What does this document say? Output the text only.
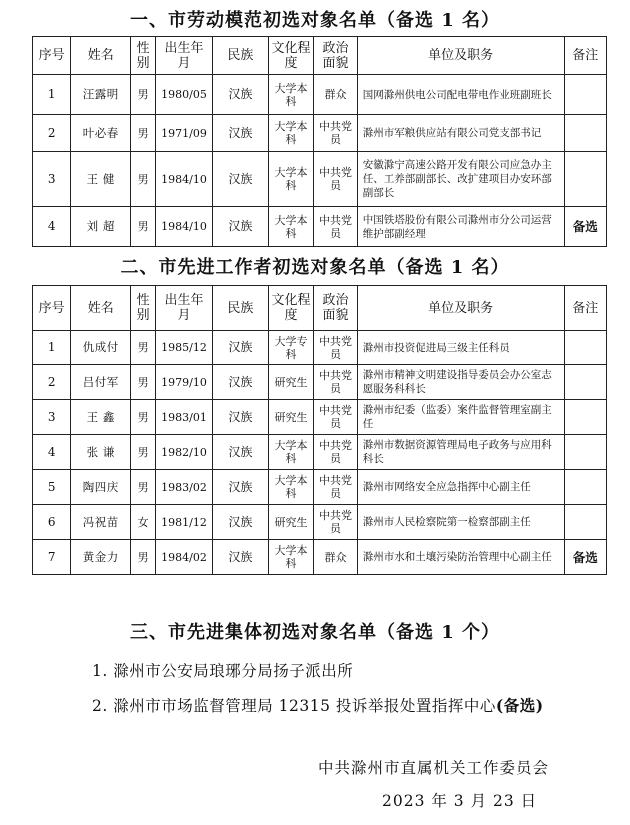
一、市劳动模范初选对象名单（备选 1 名）
序号	姓名	性别	出生年月	民族	文化程度	政治面貌	单位及职务	备注
1	汪露明	男	1980/05	汉族	大学本科	群众	国网滁州供电公司配电带电作业班副班长	
2	叶必春	男	1971/09	汉族	大学本科	中共党员	滁州市军粮供应站有限公司党支部书记	
3	王 健	男	1984/10	汉族	大学本科	中共党员	安徽滁宁高速公路开发有限公司应急办主任、工养部副部长、改扩建项目办安环部副部长	
4	刘 超	男	1984/10	汉族	大学本科	中共党员	中国铁塔股份有限公司滁州市分公司运营维护部副经理	备选
二、市先进工作者初选对象名单（备选 1 名）
序号	姓名	性别	出生年月	民族	文化程度	政治面貌	单位及职务	备注
1	仇成付	男	1985/12	汉族	大学专科	中共党员	滁州市投资促进局三级主任科员	
2	吕付军	男	1979/10	汉族	研究生	中共党员	滁州市精神文明建设指导委员会办公室志愿服务科科长	
3	王 鑫	男	1983/01	汉族	研究生	中共党员	滁州市纪委（监委）案件监督管理室副主任	
4	张 谦	男	1982/10	汉族	大学本科	中共党员	滁州市数据资源管理局电子政务与应用科科长	
5	陶四庆	男	1983/02	汉族	大学本科	中共党员	滁州市网络安全应急指挥中心副主任	
6	冯祝苗	女	1981/12	汉族	研究生	中共党员	滁州市人民检察院第一检察部副主任	
7	黄金力	男	1984/02	汉族	大学本科	群众	滁州市水和土壤污染防治管理中心副主任	备选
三、市先进集体初选对象名单（备选 1 个）
1. 滁州市公安局琅琊分局扬子派出所
2. 滁州市市场监督管理局 12315 投诉举报处置指挥中心(备选)
中共滁州市直属机关工作委员会
2023 年 3 月 23 日
